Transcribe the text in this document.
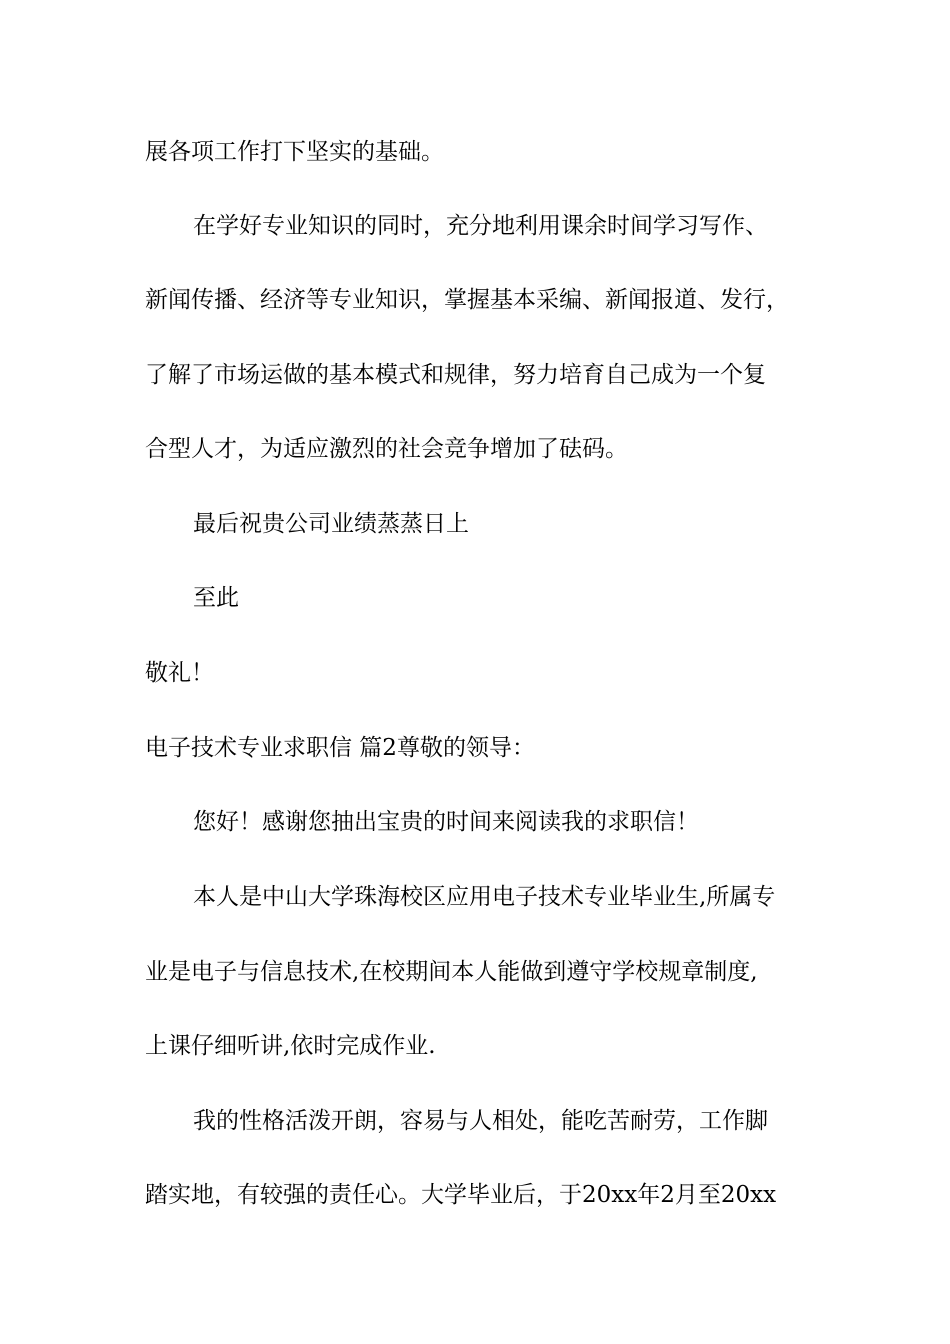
展各项工作打下坚实的基础。
在学好专业知识的同时，充分地利用课余时间学习写作、
新闻传播、经济等专业知识，掌握基本采编、新闻报道、发行，
了解了市场运做的基本模式和规律，努力培育自己成为一个复
合型人才，为适应激烈的社会竞争增加了砝码。
最后祝贵公司业绩蒸蒸日上
至此
敬礼！
电子技术专业求职信 篇2尊敬的领导：
您好！感谢您抽出宝贵的时间来阅读我的求职信！
本人是中山大学珠海校区应用电子技术专业毕业生,所属专
业是电子与信息技术,在校期间本人能做到遵守学校规章制度,
上课仔细听讲,依时完成作业.
我的性格活泼开朗，容易与人相处，能吃苦耐劳，工作脚
踏实地，有较强的责任心。大学毕业后，于20xx年2月至20xx
